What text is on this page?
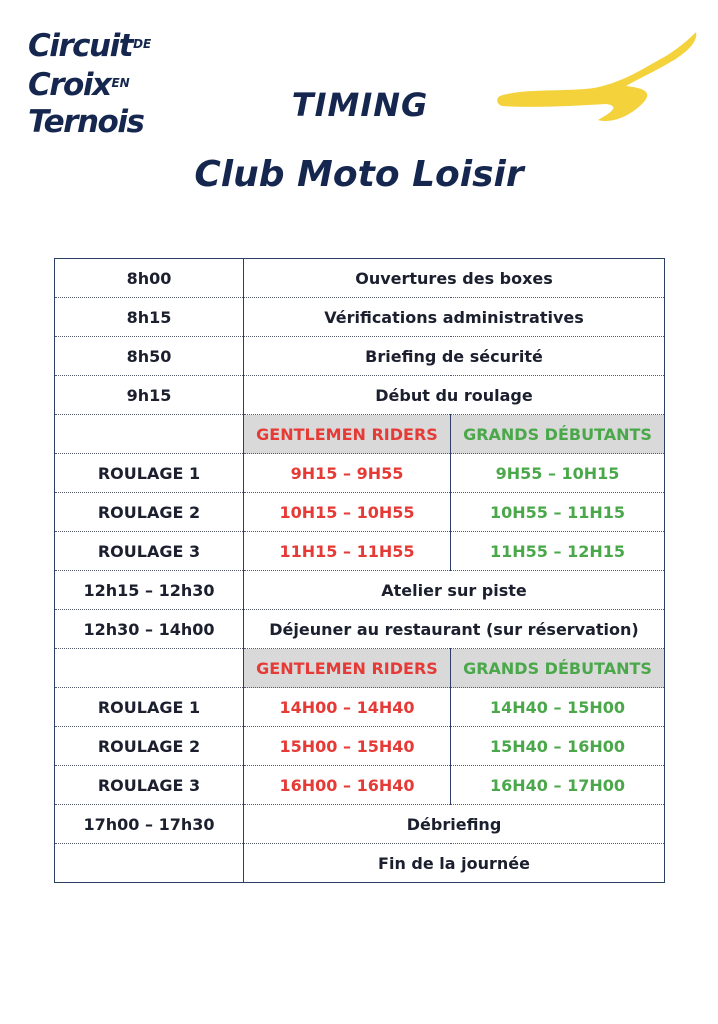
Circuit$^{DE}$
Croix$^{EN}$
Ternois	TIMING
Club Moto Loisir
8h00	Ouvertures des boxes	
8h15	Vérifications administratives	
8h50	Briefing de sécurité	
9h15	Début du roulage	
	GENTLEMEN RIDERS	GRANDS DÉBUTANTS
ROULAGE 1	9H15 – 9H55	9H55 – 10H15
ROULAGE 2	10H15 – 10H55	10H55 – 11H15
ROULAGE 3	11H15 – 11H55	11H55 – 12H15
12h15 – 12h30	Atelier sur piste	
12h30 – 14h00	Déjeuner au restaurant (sur réservation)	
	GENTLEMEN RIDERS	GRANDS DÉBUTANTS
ROULAGE 1	14H00 – 14H40	14H40 – 15H00
ROULAGE 2	15H00 – 15H40	15H40 – 16H00
ROULAGE 3	16H00 – 16H40	16H40 – 17H00
17h00 – 17h30	Débriefing	
	Fin de la journée	
